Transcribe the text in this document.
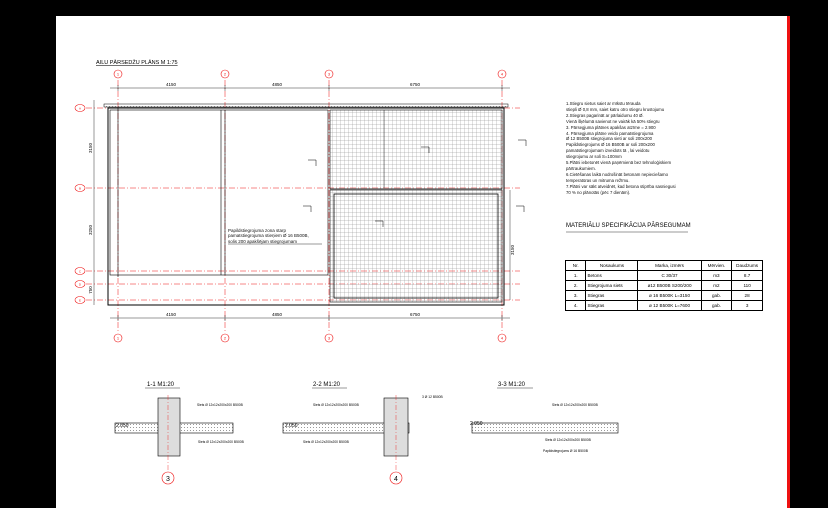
AILU PĀRSEDŽU PLĀNS M 1:75
1	2	3	4
1	2	3	4
A
B
C
D
E
4150	4850	6750
4150	4850	6750
3150
3250
750
3150
1-1 M1:20
3
2.050
Siets Ø 12x12x200x200 B500B
Siets Ø 12x12x200x200 B500B
2-2 M1:20
4
2.050
Siets Ø 12x12x200x200 B500B
Siets Ø 12x12x200x200 B500B
3 Ø 12 B500B
3-3 M1:20
2.050
Siets Ø 12x12x200x200 B500B
Siets Ø 12x12x200x200 B500B
Papildstiegrojums Ø 16 B500B
Papildstiegrojuma zona starp pamatstiegrojuma stieņiem Ø 16 B500B, solis 200 apakšējam stiegrojumam
1.Stiegru sietus saiet ar mīkstu tērauda
stiepli Ø 0,8 mm, saiet katru otro stiegru krustojumu
2.Stiegras pagarināt ar pārlaidumu 40 Ø.
Vienā šķēlumā savienot ne vairāk kā 50% stiegru
3. Pārsegjuma plātnes apakšas atzīme = 2.900
4. Pārsegjuma plātne veido pamatstiegrojuma
Ø 12 B500B stiegrojuma sieti ar soli 200x200
Papildstiegrojums Ø 16 B500B ar soli 200x200
pamatstiegrojumam izveidots tā , lai veidotu
stiegrojumu ar soli S=100mm
5.Plātni iebetonēt vienā paņēmienā bez tehnoloģiskiem
pārtraukumiem.
6.Cietēšanas laikā nodrošināt betonam nepieciešamo
temperatūras un mitruma režīmu.
7.Plātni var sākt atveidnēt, kad betona stiprība sasniegusi
70 % no plānotās (pēc 7 dienām).
MATERIĀLU SPECIFIKĀCIJA PĀRSEGUMAM
Nr.	Nosaukums	Marka, izmērs	Mērvien.	Daudzums
1.	Betons	C 30/37	m3	8.7
2.	Stiegrojuma siets	ø12 B500B S200/200	m2	110
3.	Stiegras	ø 16 B500K L=3150	gab.	28
4.	Stiegras	ø 12 B500K L=7600	gab.	3
